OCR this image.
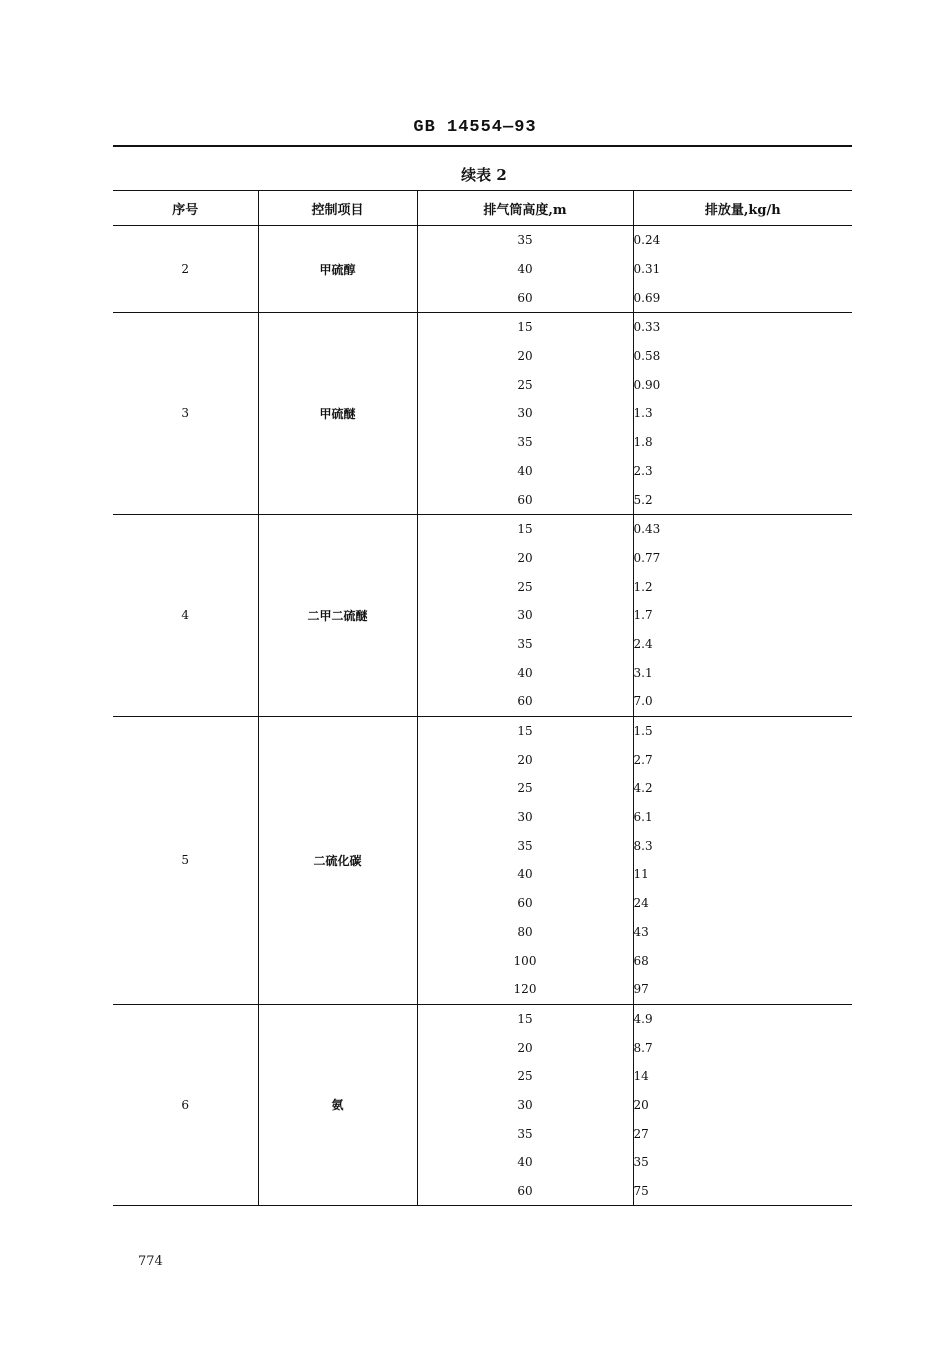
GB 14554—93
续表 2
序号	控制项目	排气筒高度,m	排放量,kg/h
2	甲硫醇	35	0.24
		40	0.31
		60	0.69
3	甲硫醚	15	0.33
		20	0.58
		25	0.90
		30	1.3
		35	1.8
		40	2.3
		60	5.2
4	二甲二硫醚	15	0.43
		20	0.77
		25	1.2
		30	1.7
		35	2.4
		40	3.1
		60	7.0
5	二硫化碳	15	1.5
		20	2.7
		25	4.2
		30	6.1
		35	8.3
		40	11
		60	24
		80	43
		100	68
		120	97
6	氨	15	4.9
		20	8.7
		25	14
		30	20
		35	27
		40	35
		60	75
774
